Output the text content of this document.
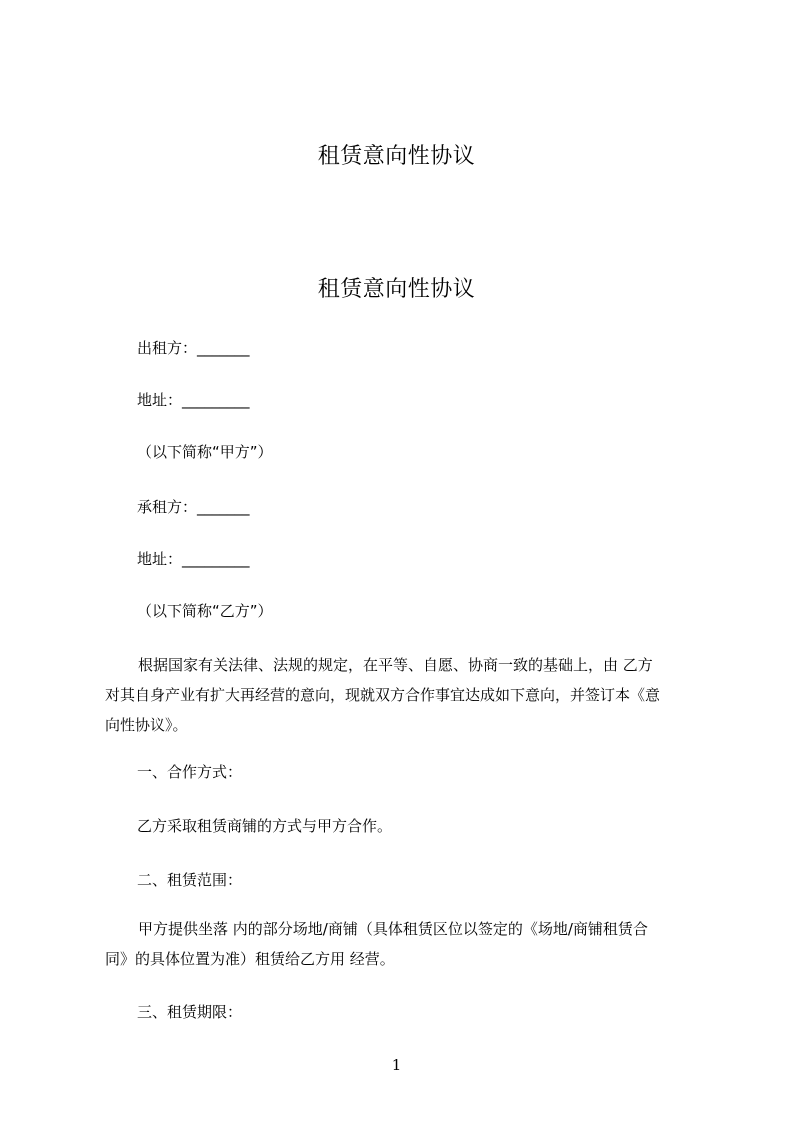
租赁意向性协议
租赁意向性协议
出租方：_______
地址：_________
（以下简称“甲方”）
承租方：_______
地址：_________
（以下简称“乙方”）
根据国家有关法律、法规的规定，在平等、自愿、协商一致的基础上，由 乙方
对其自身产业有扩大再经营的意向，现就双方合作事宜达成如下意向，并签订本《意
向性协议》。
一、合作方式：
乙方采取租赁商铺的方式与甲方合作。
二、租赁范围：
甲方提供坐落 内的部分场地/商铺（具体租赁区位以签定的《场地/商铺租赁合
同》的具体位置为准）租赁给乙方用 经营。
三、租赁期限：
1
